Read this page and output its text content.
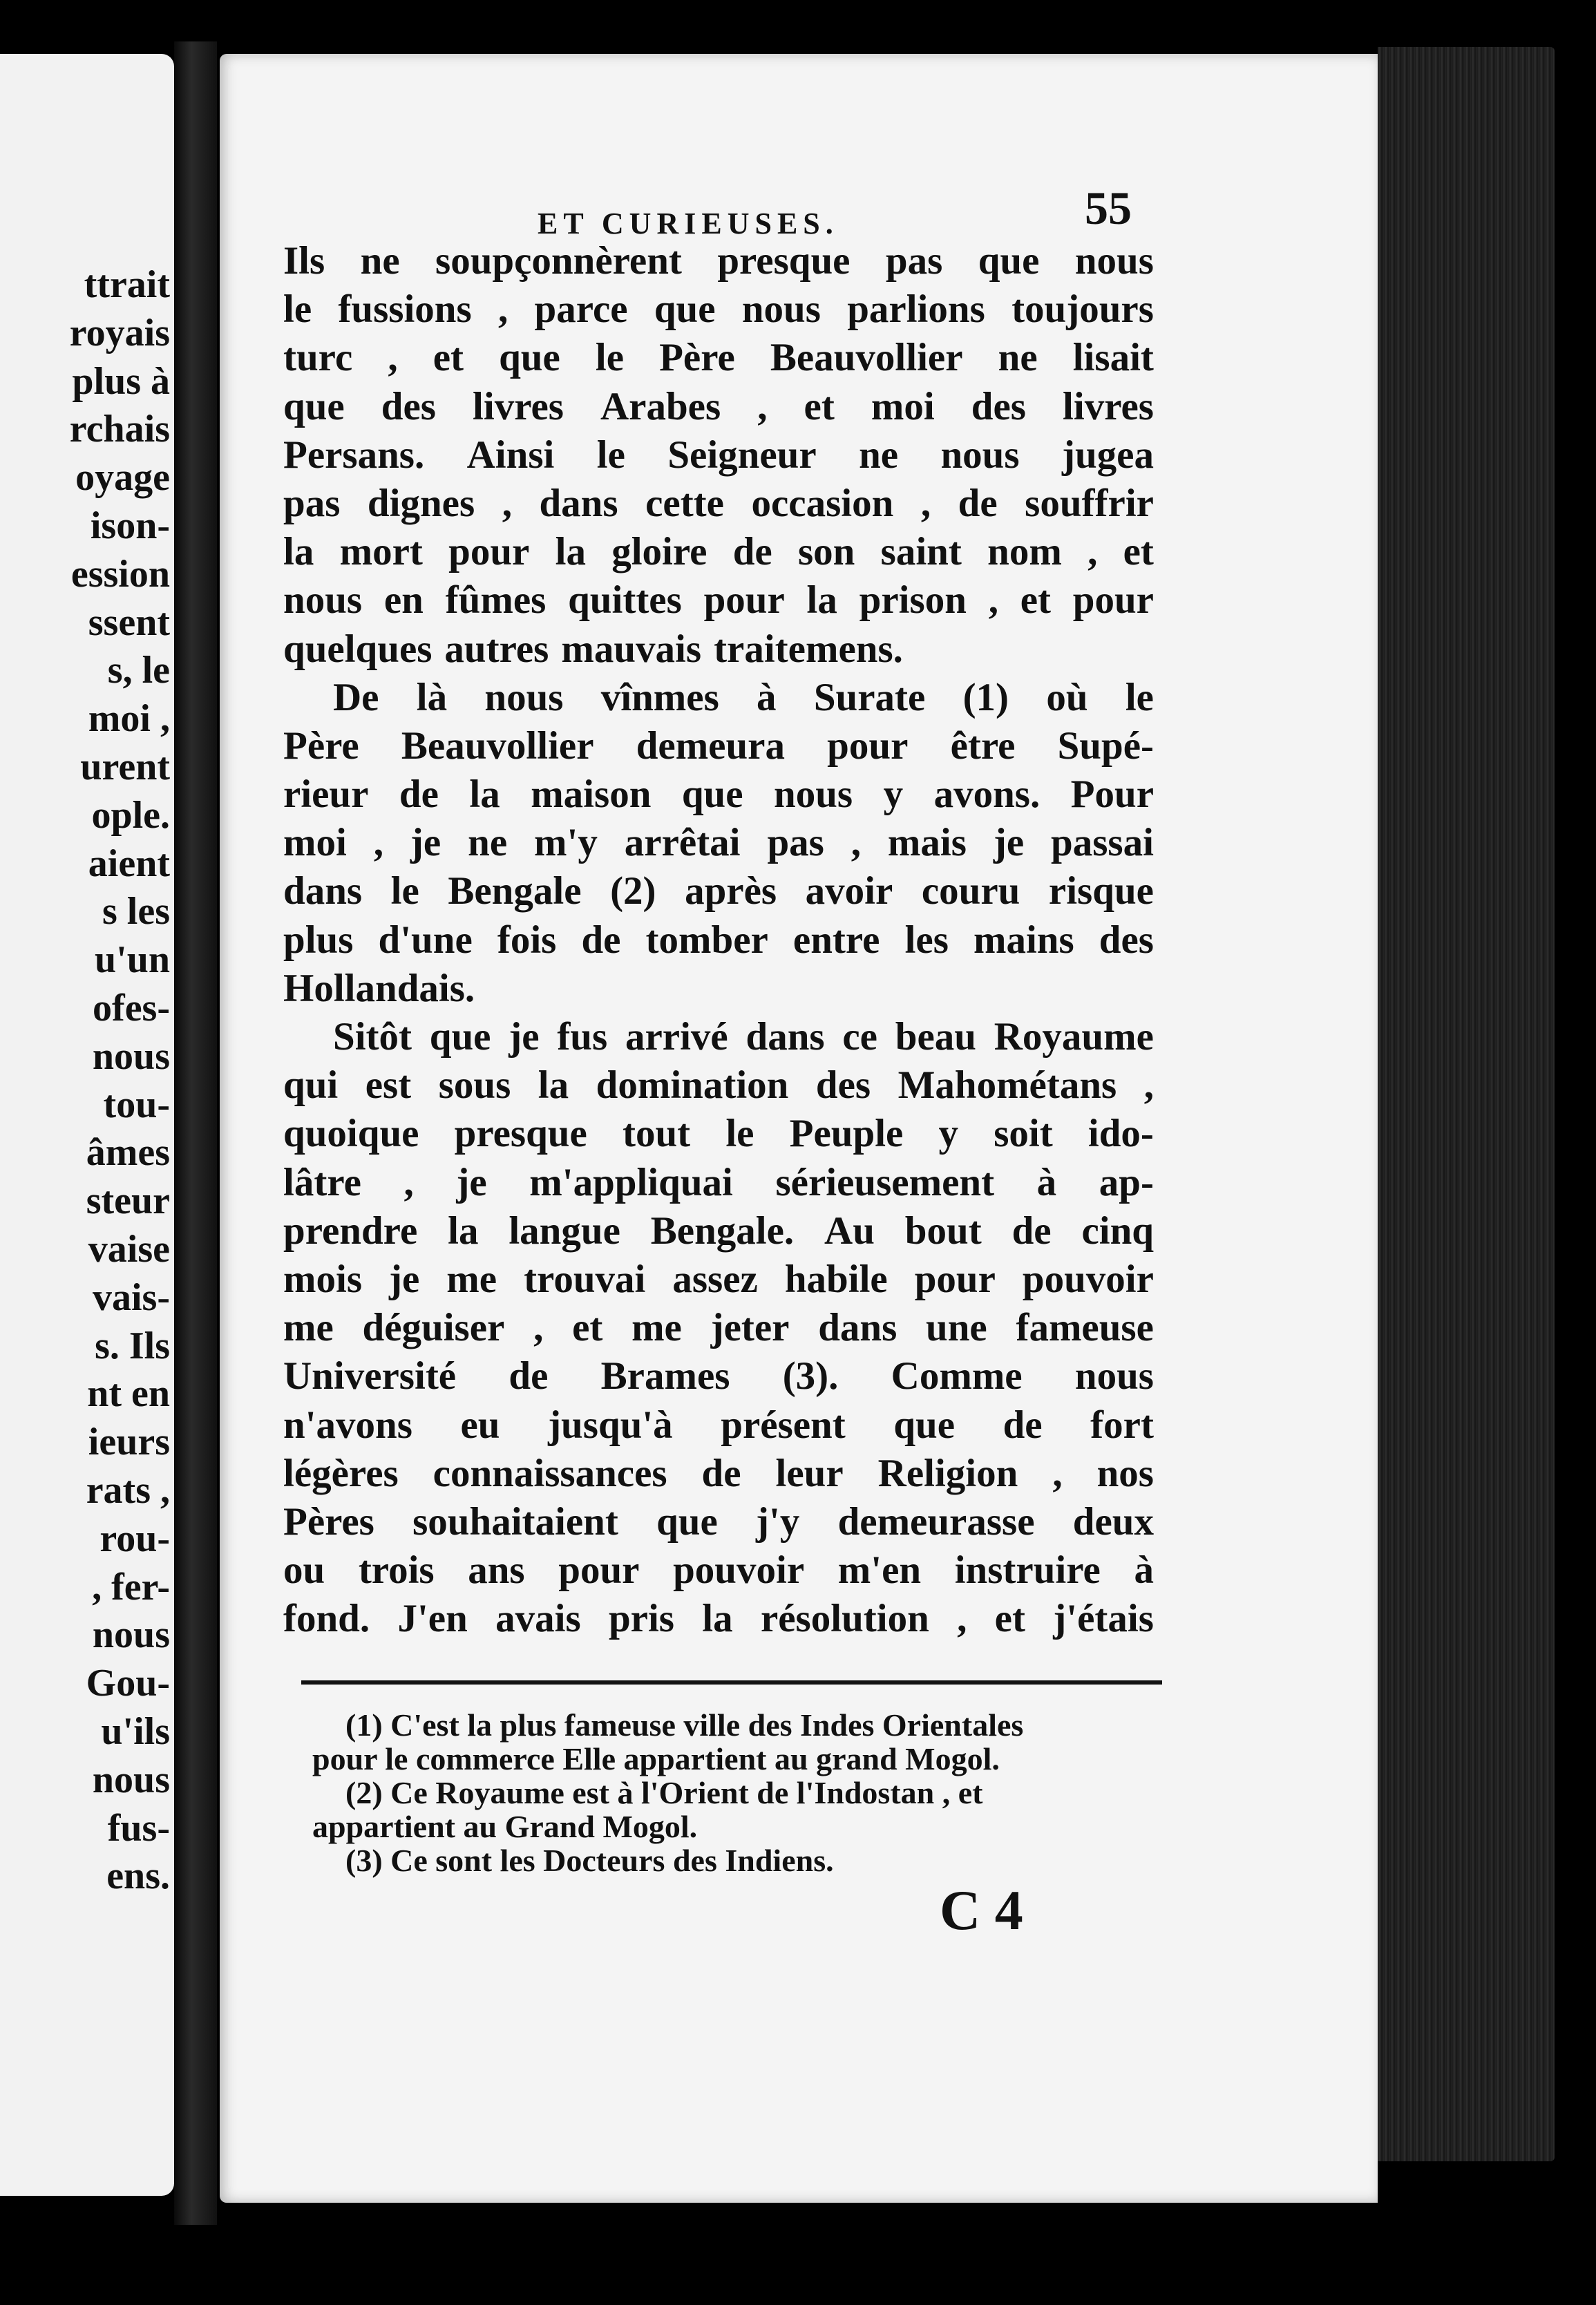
ttrait
royais
plus à
rchais
oyage
ison-
ession
ssent
s, le
moi ,
urent
ople.
aient
s les
u'un
ofes-
nous
tou-
âmes
steur
vaise
vais-
s. Ils
nt en
ieurs
rats ,
rou-
, fer-
nous
Gou-
u'ils
nous
fus-
ens.
ET CURIEUSES.	55
Ils ne soupçonnèrent presque pas que nous
le fussions , parce que nous parlions toujours
turc , et que le Père Beauvollier ne lisait
que des livres Arabes , et moi des livres
Persans. Ainsi le Seigneur ne nous jugea
pas dignes , dans cette occasion , de souffrir
la mort pour la gloire de son saint nom , et
nous en fûmes quittes pour la prison , et pour
quelques autres mauvais traitemens.
De là nous vînmes à Surate (1) où le
Père Beauvollier demeura pour être Supé-
rieur de la maison que nous y avons. Pour
moi , je ne m'y arrêtai pas , mais je passai
dans le Bengale (2) après avoir couru risque
plus d'une fois de tomber entre les mains des
Hollandais.
Sitôt que je fus arrivé dans ce beau Royaume
qui est sous la domination des Mahométans ,
quoique presque tout le Peuple y soit ido-
lâtre , je m'appliquai sérieusement à ap-
prendre la langue Bengale. Au bout de cinq
mois je me trouvai assez habile pour pouvoir
me déguiser , et me jeter dans une fameuse
Université de Brames (3). Comme nous
n'avons eu jusqu'à présent que de fort
légères connaissances de leur Religion , nos
Pères souhaitaient que j'y demeurasse deux
ou trois ans pour pouvoir m'en instruire à
fond. J'en avais pris la résolution , et j'étais
(1) C'est la plus fameuse ville des Indes Orientales
pour le commerce Elle appartient au grand Mogol.
(2) Ce Royaume est à l'Orient de l'Indostan , et
appartient au Grand Mogol.
(3) Ce sont les Docteurs des Indiens.
C 4
